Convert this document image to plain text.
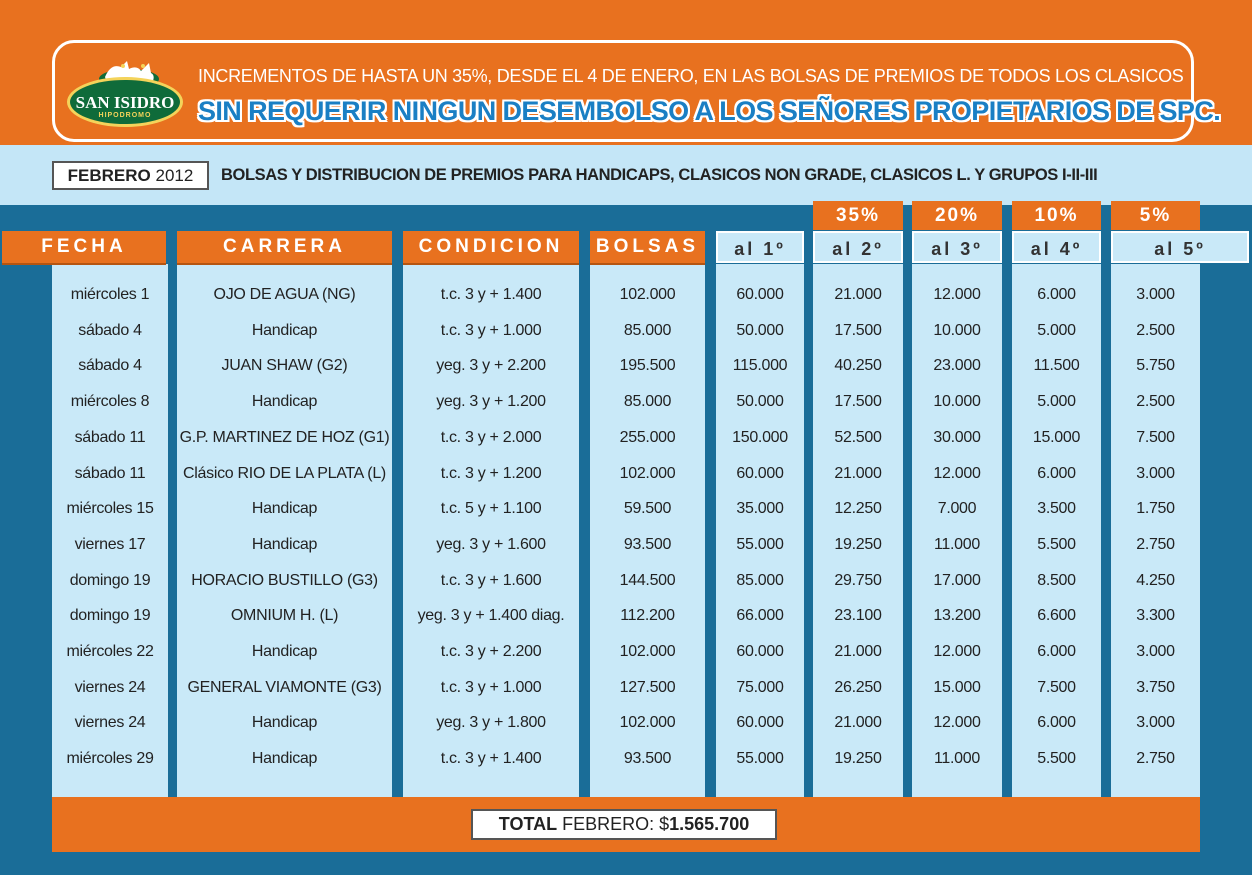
SAN ISIDRO
HIPODROMO
INCREMENTOS DE HASTA UN 35%, DESDE EL 4 DE ENERO, EN LAS BOLSAS DE PREMIOS DE TODOS LOS CLASICOS
SIN REQUERIR NINGUN DESEMBOLSO A LOS SEÑORES PROPIETARIOS DE SPC.
FEBRERO 2012	BOLSAS Y DISTRIBUCION DE PREMIOS PARA HANDICAPS, CLASICOS NON GRADE, CLASICOS L. Y GRUPOS I-II-III
35%	20%	10%	5%
FECHA	CARRERA	CONDICION	BOLSAS	al 1º	al 2º	al 3º	al 4º	al 5º
miércoles 1	OJO DE AGUA (NG)	t.c. 3 y + 1.400	102.000	60.000	21.000	12.000	6.000	3.000
sábado 4	Handicap	t.c. 3 y + 1.000	85.000	50.000	17.500	10.000	5.000	2.500
sábado 4	JUAN SHAW (G2)	yeg. 3 y + 2.200	195.500	115.000	40.250	23.000	11.500	5.750
miércoles 8	Handicap	yeg. 3 y + 1.200	85.000	50.000	17.500	10.000	5.000	2.500
sábado 11	G.P. MARTINEZ DE HOZ (G1)	t.c. 3 y + 2.000	255.000	150.000	52.500	30.000	15.000	7.500
sábado 11	Clásico RIO DE LA PLATA (L)	t.c. 3 y + 1.200	102.000	60.000	21.000	12.000	6.000	3.000
miércoles 15	Handicap	t.c. 5 y + 1.100	59.500	35.000	12.250	7.000	3.500	1.750
viernes 17	Handicap	yeg. 3 y + 1.600	93.500	55.000	19.250	11.000	5.500	2.750
domingo 19	HORACIO BUSTILLO (G3)	t.c. 3 y + 1.600	144.500	85.000	29.750	17.000	8.500	4.250
domingo 19	OMNIUM H. (L)	yeg. 3 y + 1.400 diag.	112.200	66.000	23.100	13.200	6.600	3.300
miércoles 22	Handicap	t.c. 3 y + 2.200	102.000	60.000	21.000	12.000	6.000	3.000
viernes 24	GENERAL VIAMONTE (G3)	t.c. 3 y + 1.000	127.500	75.000	26.250	15.000	7.500	3.750
viernes 24	Handicap	yeg. 3 y + 1.800	102.000	60.000	21.000	12.000	6.000	3.000
miércoles 29	Handicap	t.c. 3 y + 1.400	93.500	55.000	19.250	11.000	5.500	2.750
TOTAL FEBRERO: $1.565.700
